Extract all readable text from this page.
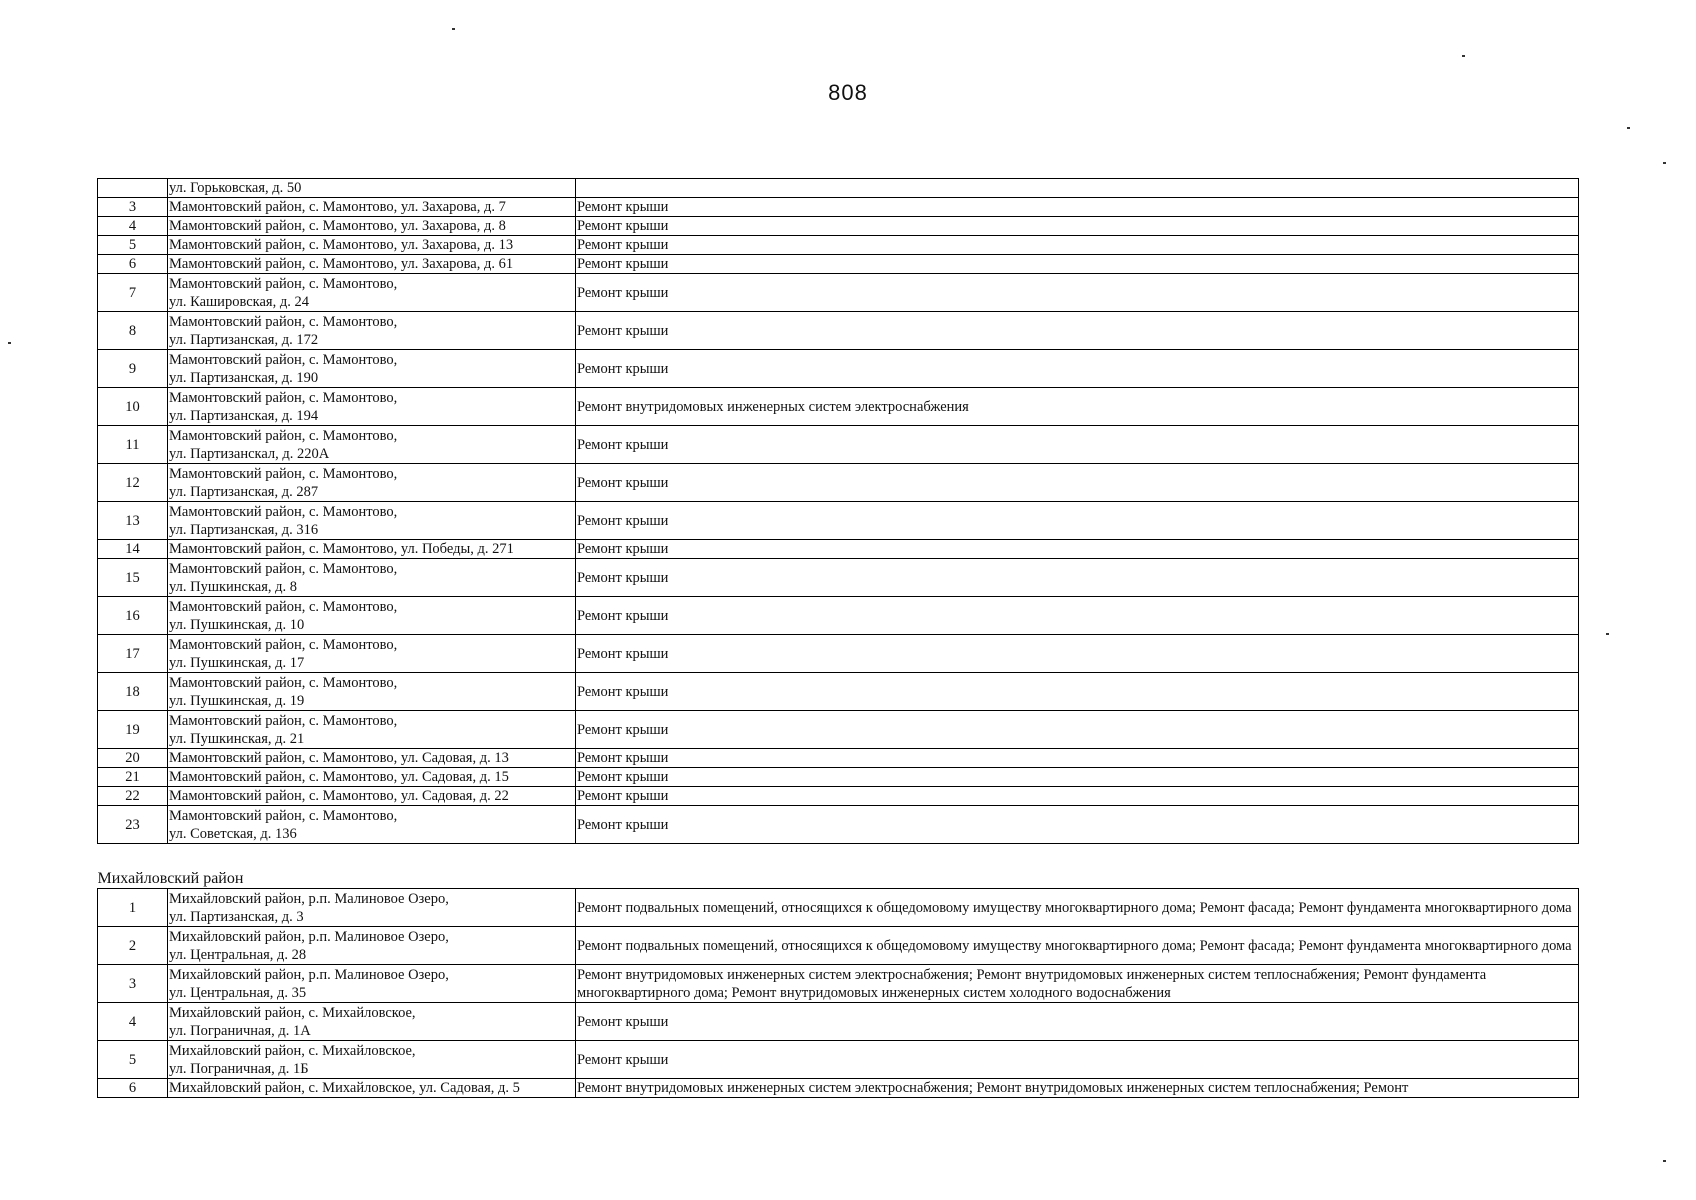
808
	ул. Горьковская, д. 50	
3	Мамонтовский район, с. Мамонтово, ул. Захарова, д. 7	Ремонт крыши
4	Мамонтовский район, с. Мамонтово, ул. Захарова, д. 8	Ремонт крыши
5	Мамонтовский район, с. Мамонтово, ул. Захарова, д. 13	Ремонт крыши
6	Мамонтовский район, с. Мамонтово, ул. Захарова, д. 61	Ремонт крыши
7	Мамонтовский район, с. Мамонтово,
ул. Кашировская, д. 24	Ремонт крыши
8	Мамонтовский район, с. Мамонтово,
ул. Партизанская, д. 172	Ремонт крыши
9	Мамонтовский район, с. Мамонтово,
ул. Партизанская, д. 190	Ремонт крыши
10	Мамонтовский район, с. Мамонтово,
ул. Партизанская, д. 194	Ремонт внутридомовых инженерных систем электроснабжения
11	Мамонтовский район, с. Мамонтово,
ул. Партизанскал, д. 220А	Ремонт крыши
12	Мамонтовский район, с. Мамонтово,
ул. Партизанская, д. 287	Ремонт крыши
13	Мамонтовский район, с. Мамонтово,
ул. Партизанская, д. 316	Ремонт крыши
14	Мамонтовский район, с. Мамонтово, ул. Победы, д. 271	Ремонт крыши
15	Мамонтовский район, с. Мамонтово,
ул. Пушкинская, д. 8	Ремонт крыши
16	Мамонтовский район, с. Мамонтово,
ул. Пушкинская, д. 10	Ремонт крыши
17	Мамонтовский район, с. Мамонтово,
ул. Пушкинская, д. 17	Ремонт крыши
18	Мамонтовский район, с. Мамонтово,
ул. Пушкинская, д. 19	Ремонт крыши
19	Мамонтовский район, с. Мамонтово,
ул. Пушкинская, д. 21	Ремонт крыши
20	Мамонтовский район, с. Мамонтово, ул. Садовая, д. 13	Ремонт крыши
21	Мамонтовский район, с. Мамонтово, ул. Садовая, д. 15	Ремонт крыши
22	Мамонтовский район, с. Мамонтово, ул. Садовая, д. 22	Ремонт крыши
23	Мамонтовский район, с. Мамонтово,
ул. Советская, д. 136	Ремонт крыши
Михайловский район		
1	Михайловский район, р.п. Малиновое Озеро,
ул. Партизанская, д. 3	Ремонт подвальных помещений, относящихся к общедомовому имуществу многоквартирного дома; Ремонт фасада; Ремонт фундамента многоквартирного дома
2	Михайловский район, р.п. Малиновое Озеро,
ул. Центральная, д. 28	Ремонт подвальных помещений, относящихся к общедомовому имуществу многоквартирного дома; Ремонт фасада; Ремонт фундамента многоквартирного дома
3	Михайловский район, р.п. Малиновое Озеро,
ул. Центральная, д. 35	Ремонт внутридомовых инженерных систем электроснабжения; Ремонт внутридомовых инженерных систем теплоснабжения; Ремонт фундамента многоквартирного дома; Ремонт внутридомовых инженерных систем холодного водоснабжения
4	Михайловский район, с. Михайловское,
ул. Пограничная, д. 1А	Ремонт крыши
5	Михайловский район, с. Михайловское,
ул. Пограничная, д. 1Б	Ремонт крыши
6	Михайловский район, с. Михайловское, ул. Садовая, д. 5	Ремонт внутридомовых инженерных систем электроснабжения; Ремонт внутридомовых инженерных систем теплоснабжения; Ремонт
